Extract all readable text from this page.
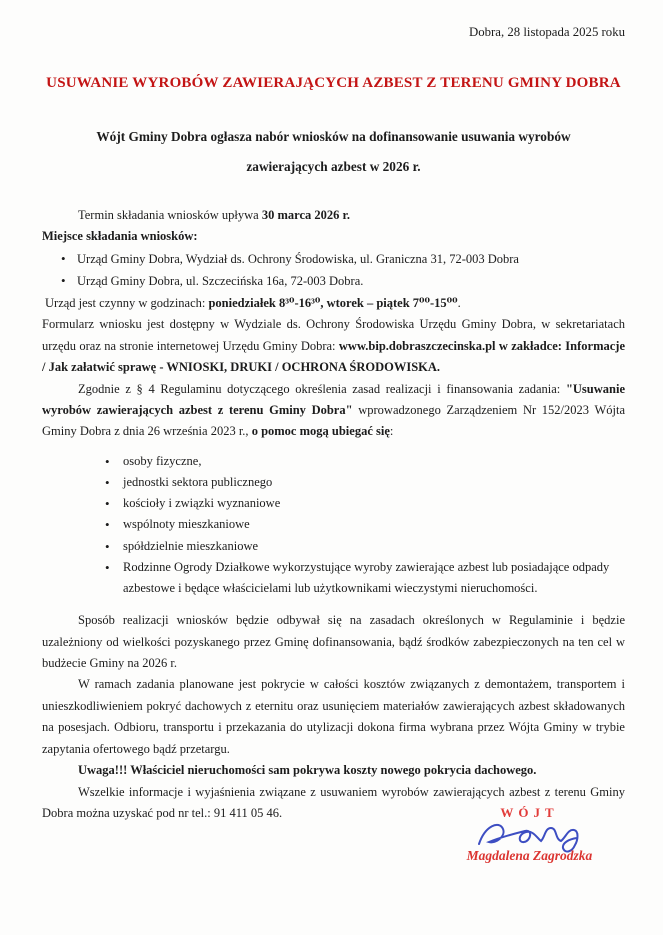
Dobra, 28 listopada 2025 roku
USUWANIE WYROBÓW ZAWIERAJĄCYCH AZBEST Z TERENU GMINY DOBRA
Wójt Gminy Dobra ogłasza nabór wniosków na dofinansowanie usuwania wyrobów zawierających azbest w 2026 r.

Termin składania wniosków upływa 30 marca 2026 r.

Miejsce składania wniosków:

• Urząd Gminy Dobra, Wydział ds. Ochrony Środowiska, ul. Graniczna 31, 72-003 Dobra
• Urząd Gminy Dobra, ul. Szczecińska 16a, 72-003 Dobra.

Urząd jest czynny w godzinach: poniedziałek 8³⁰-16³⁰, wtorek – piątek 7⁰⁰-15⁰⁰.

Formularz wniosku jest dostępny w Wydziale ds. Ochrony Środowiska Urzędu Gminy Dobra, w sekretariatach urzędu oraz na stronie internetowej Urzędu Gminy Dobra: www.bip.dobraszczecinska.pl w zakładce: Informacje / Jak załatwić sprawę - WNIOSKI, DRUKI / OCHRONA ŚRODOWISKA.

Zgodnie z § 4 Regulaminu dotyczącego określenia zasad realizacji i finansowania zadania: "Usuwanie wyrobów zawierających azbest z terenu Gminy Dobra" wprowadzonego Zarządzeniem Nr 152/2023 Wójta Gminy Dobra z dnia 26 września 2023 r., o pomoc mogą ubiegać się:

• osoby fizyczne,
• jednostki sektora publicznego
• kościoły i związki wyznaniowe
• wspólnoty mieszkaniowe
• spółdzielnie mieszkaniowe
• Rodzinne Ogrody Działkowe wykorzystujące wyroby zawierające azbest lub posiadające odpady azbestowe i będące właścicielami lub użytkownikami wieczystymi nieruchomości.

Sposób realizacji wniosków będzie odbywał się na zasadach określonych w Regulaminie i będzie uzależniony od wielkości pozyskanego przez Gminę dofinansowania, bądź środków zabezpieczonych na ten cel w budżecie Gminy na 2026 r.

W ramach zadania planowane jest pokrycie w całości kosztów związanych z demontażem, transportem i unieszkodliwieniem pokryć dachowych z eternitu oraz usunięciem materiałów zawierających azbest składowanych na posesjach. Odbioru, transportu i przekazania do utylizacji dokona firma wybrana przez Wójta Gminy w trybie zapytania ofertowego bądź przetargu.

Uwaga!!! Właściciel nieruchomości sam pokrywa koszty nowego pokrycia dachowego.

Wszelkie informacje i wyjaśnienia związane z usuwaniem wyrobów zawierających azbest z terenu Gminy Dobra można uzyskać pod nr tel.: 91 411 05 46.	WÓJT
Magdalena Zagrodzka
